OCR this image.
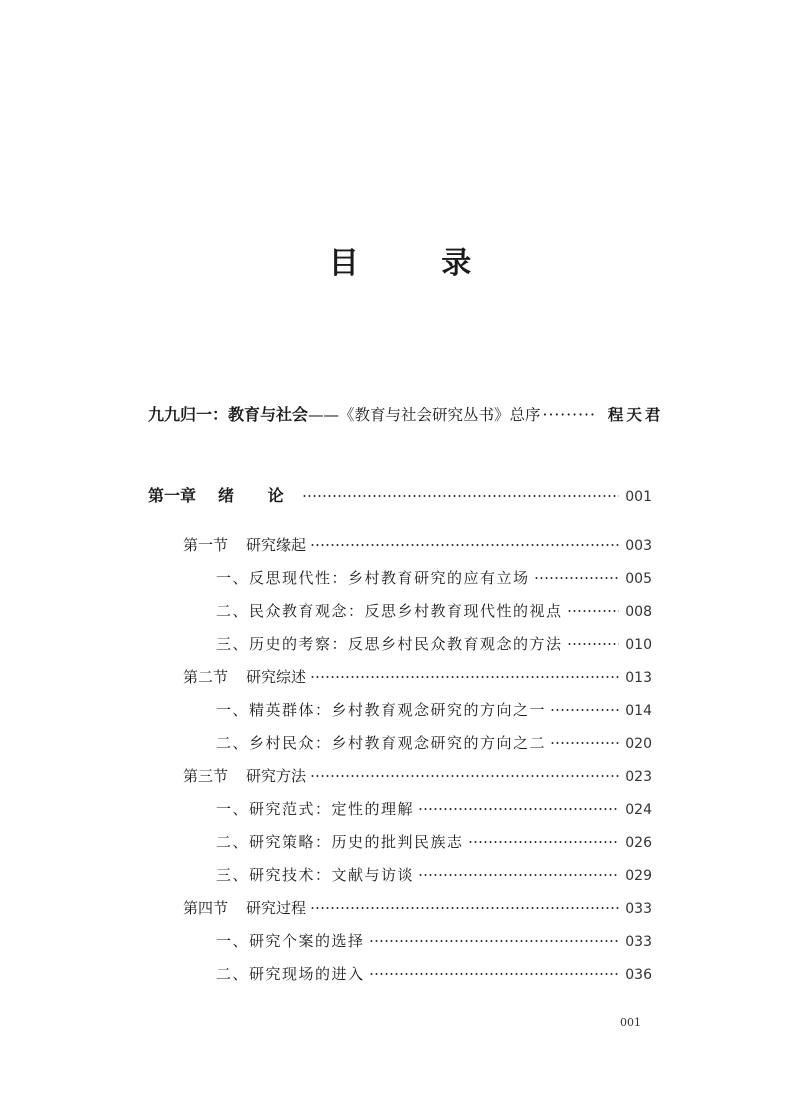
目 录
九九归一：教育与社会 —— 《教育与社会研究丛书》总序 ········· 程天君
第一章 绪 论	001
第一节 研究缘起	003
一、反思现代性：乡村教育研究的应有立场	005
二、民众教育观念：反思乡村教育现代性的视点	008
三、历史的考察：反思乡村民众教育观念的方法	010
第二节 研究综述	013
一、精英群体：乡村教育观念研究的方向之一	014
二、乡村民众：乡村教育观念研究的方向之二	020
第三节 研究方法	023
一、研究范式：定性的理解	024
二、研究策略：历史的批判民族志	026
三、研究技术：文献与访谈	029
第四节 研究过程	033
一、研究个案的选择	033
二、研究现场的进入	036
001
